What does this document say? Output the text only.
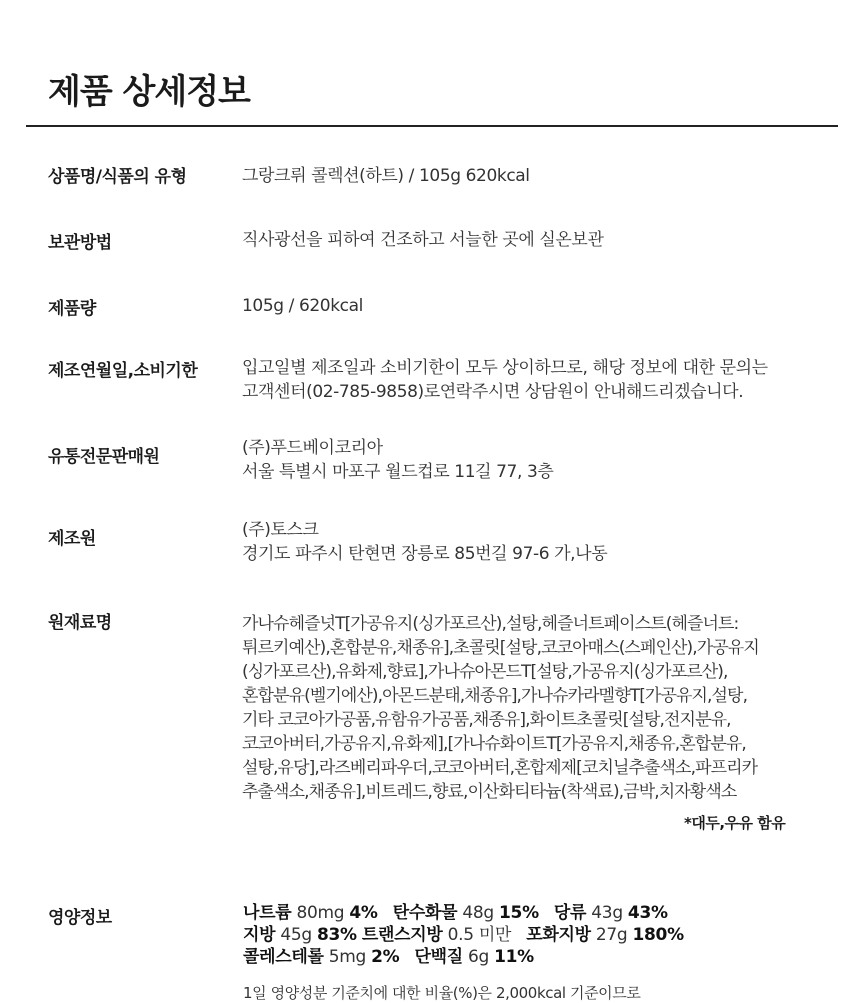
제품 상세정보
상품명/식품의 유형	그랑크뤼 콜렉션(하트) / 105g 620kcal
보관방법	직사광선을 피하여 건조하고 서늘한 곳에 실온보관
제품량	105g / 620kcal
제조연월일,소비기한	입고일별 제조일과 소비기한이 모두 상이하므로, 해당 정보에 대한 문의는
고객센터(02-785-9858)로연락주시면 상담원이 안내해드리겠습니다.
유통전문판매원	(주)푸드베이코리아
서울 특별시 마포구 월드컵로 11길 77, 3층
제조원	(주)토스크
경기도 파주시 탄현면 장릉로 85번길 97-6 가,나동
원재료명	가나슈헤즐넛T[가공유지(싱가포르산),설탕,헤즐너트페이스트(헤즐너트:
튀르키예산),혼합분유,채종유],초콜릿[설탕,코코아매스(스페인산),가공유지
(싱가포르산),유화제,향료],가나슈아몬드T[설탕,가공유지(싱가포르산),
혼합분유(벨기에산),아몬드분태,채종유],가나슈카라멜향T[가공유지,설탕,
기타 코코아가공품,유함유가공품,채종유],화이트초콜릿[설탕,전지분유,
코코아버터,가공유지,유화제],[가나슈화이트T[가공유지,채종유,혼합분유,
설탕,유당],라즈베리파우더,코코아버터,혼합제제[코치닐추출색소,파프리카
추출색소,채종유],비트레드,향료,이산화티타늄(착색료),금박,치자황색소
*대두,우유 함유
영양정보	나트륨 80mg 4% 탄수화물 48g 15% 당류 43g 43%
지방 45g 83% 트랜스지방 0.5 미만 포화지방 27g 180%
콜레스테롤 5mg 2% 단백질 6g 11%
1일 영양성분 기준치에 대한 비율(%)은 2,000kcal 기준이므로
